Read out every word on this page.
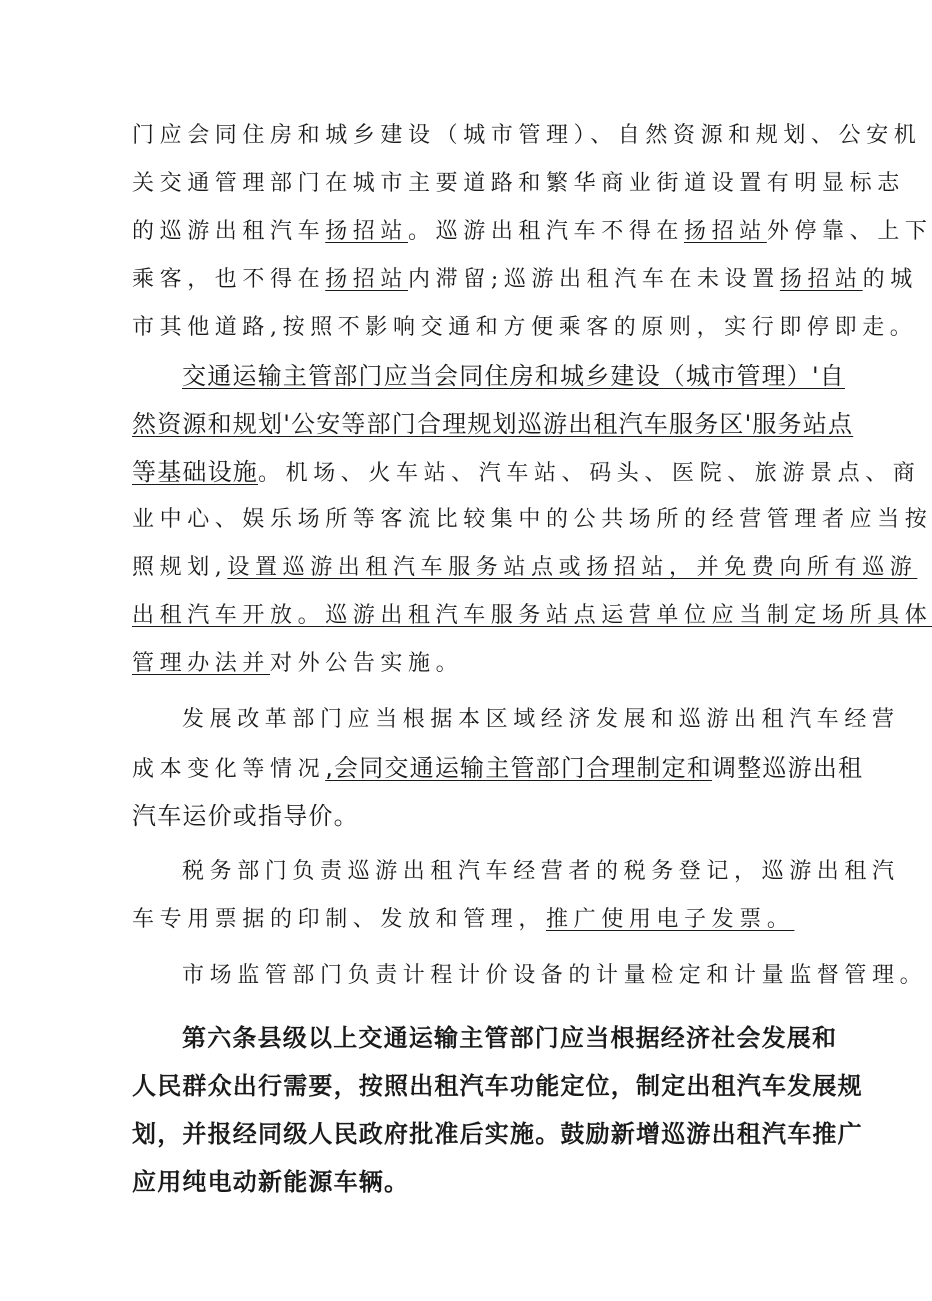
门应会同住房和城乡建设（城市管理）、自然资源和规划、公安机
关交通管理部门在城市主要道路和繁华商业街道设置有明显标志
的巡游出租汽车扬招站。巡游出租汽车不得在扬招站外停靠、上下
乘客，也不得在扬招站内滞留;巡游出租汽车在未设置扬招站的城
市其他道路,按照不影响交通和方便乘客的原则，实行即停即走。
交通运输主管部门应当会同住房和城乡建设（城市管理）'自
然资源和规划'公安等部门合理规划巡游出租汽车服务区'服务站点
等基础设施。机场、火车站、汽车站、码头、医院、旅游景点、商
业中心、娱乐场所等客流比较集中的公共场所的经营管理者应当按
照规划,设置巡游出租汽车服务站点或扬招站，并免费向所有巡游
出租汽车开放。巡游出租汽车服务站点运营单位应当制定场所具体
管理办法并对外公告实施。
发展改革部门应当根据本区域经济发展和巡游出租汽车经营
成本变化等情况,会同交通运输主管部门合理制定和调整巡游出租
汽车运价或指导价。
税务部门负责巡游出租汽车经营者的税务登记，巡游出租汽
车专用票据的印制、发放和管理，推广使用电子发票。
市场监管部门负责计程计价设备的计量检定和计量监督管理。
第六条县级以上交通运输主管部门应当根据经济社会发展和
人民群众出行需要，按照出租汽车功能定位，制定出租汽车发展规
划，并报经同级人民政府批准后实施。鼓励新增巡游出租汽车推广
应用纯电动新能源车辆。
